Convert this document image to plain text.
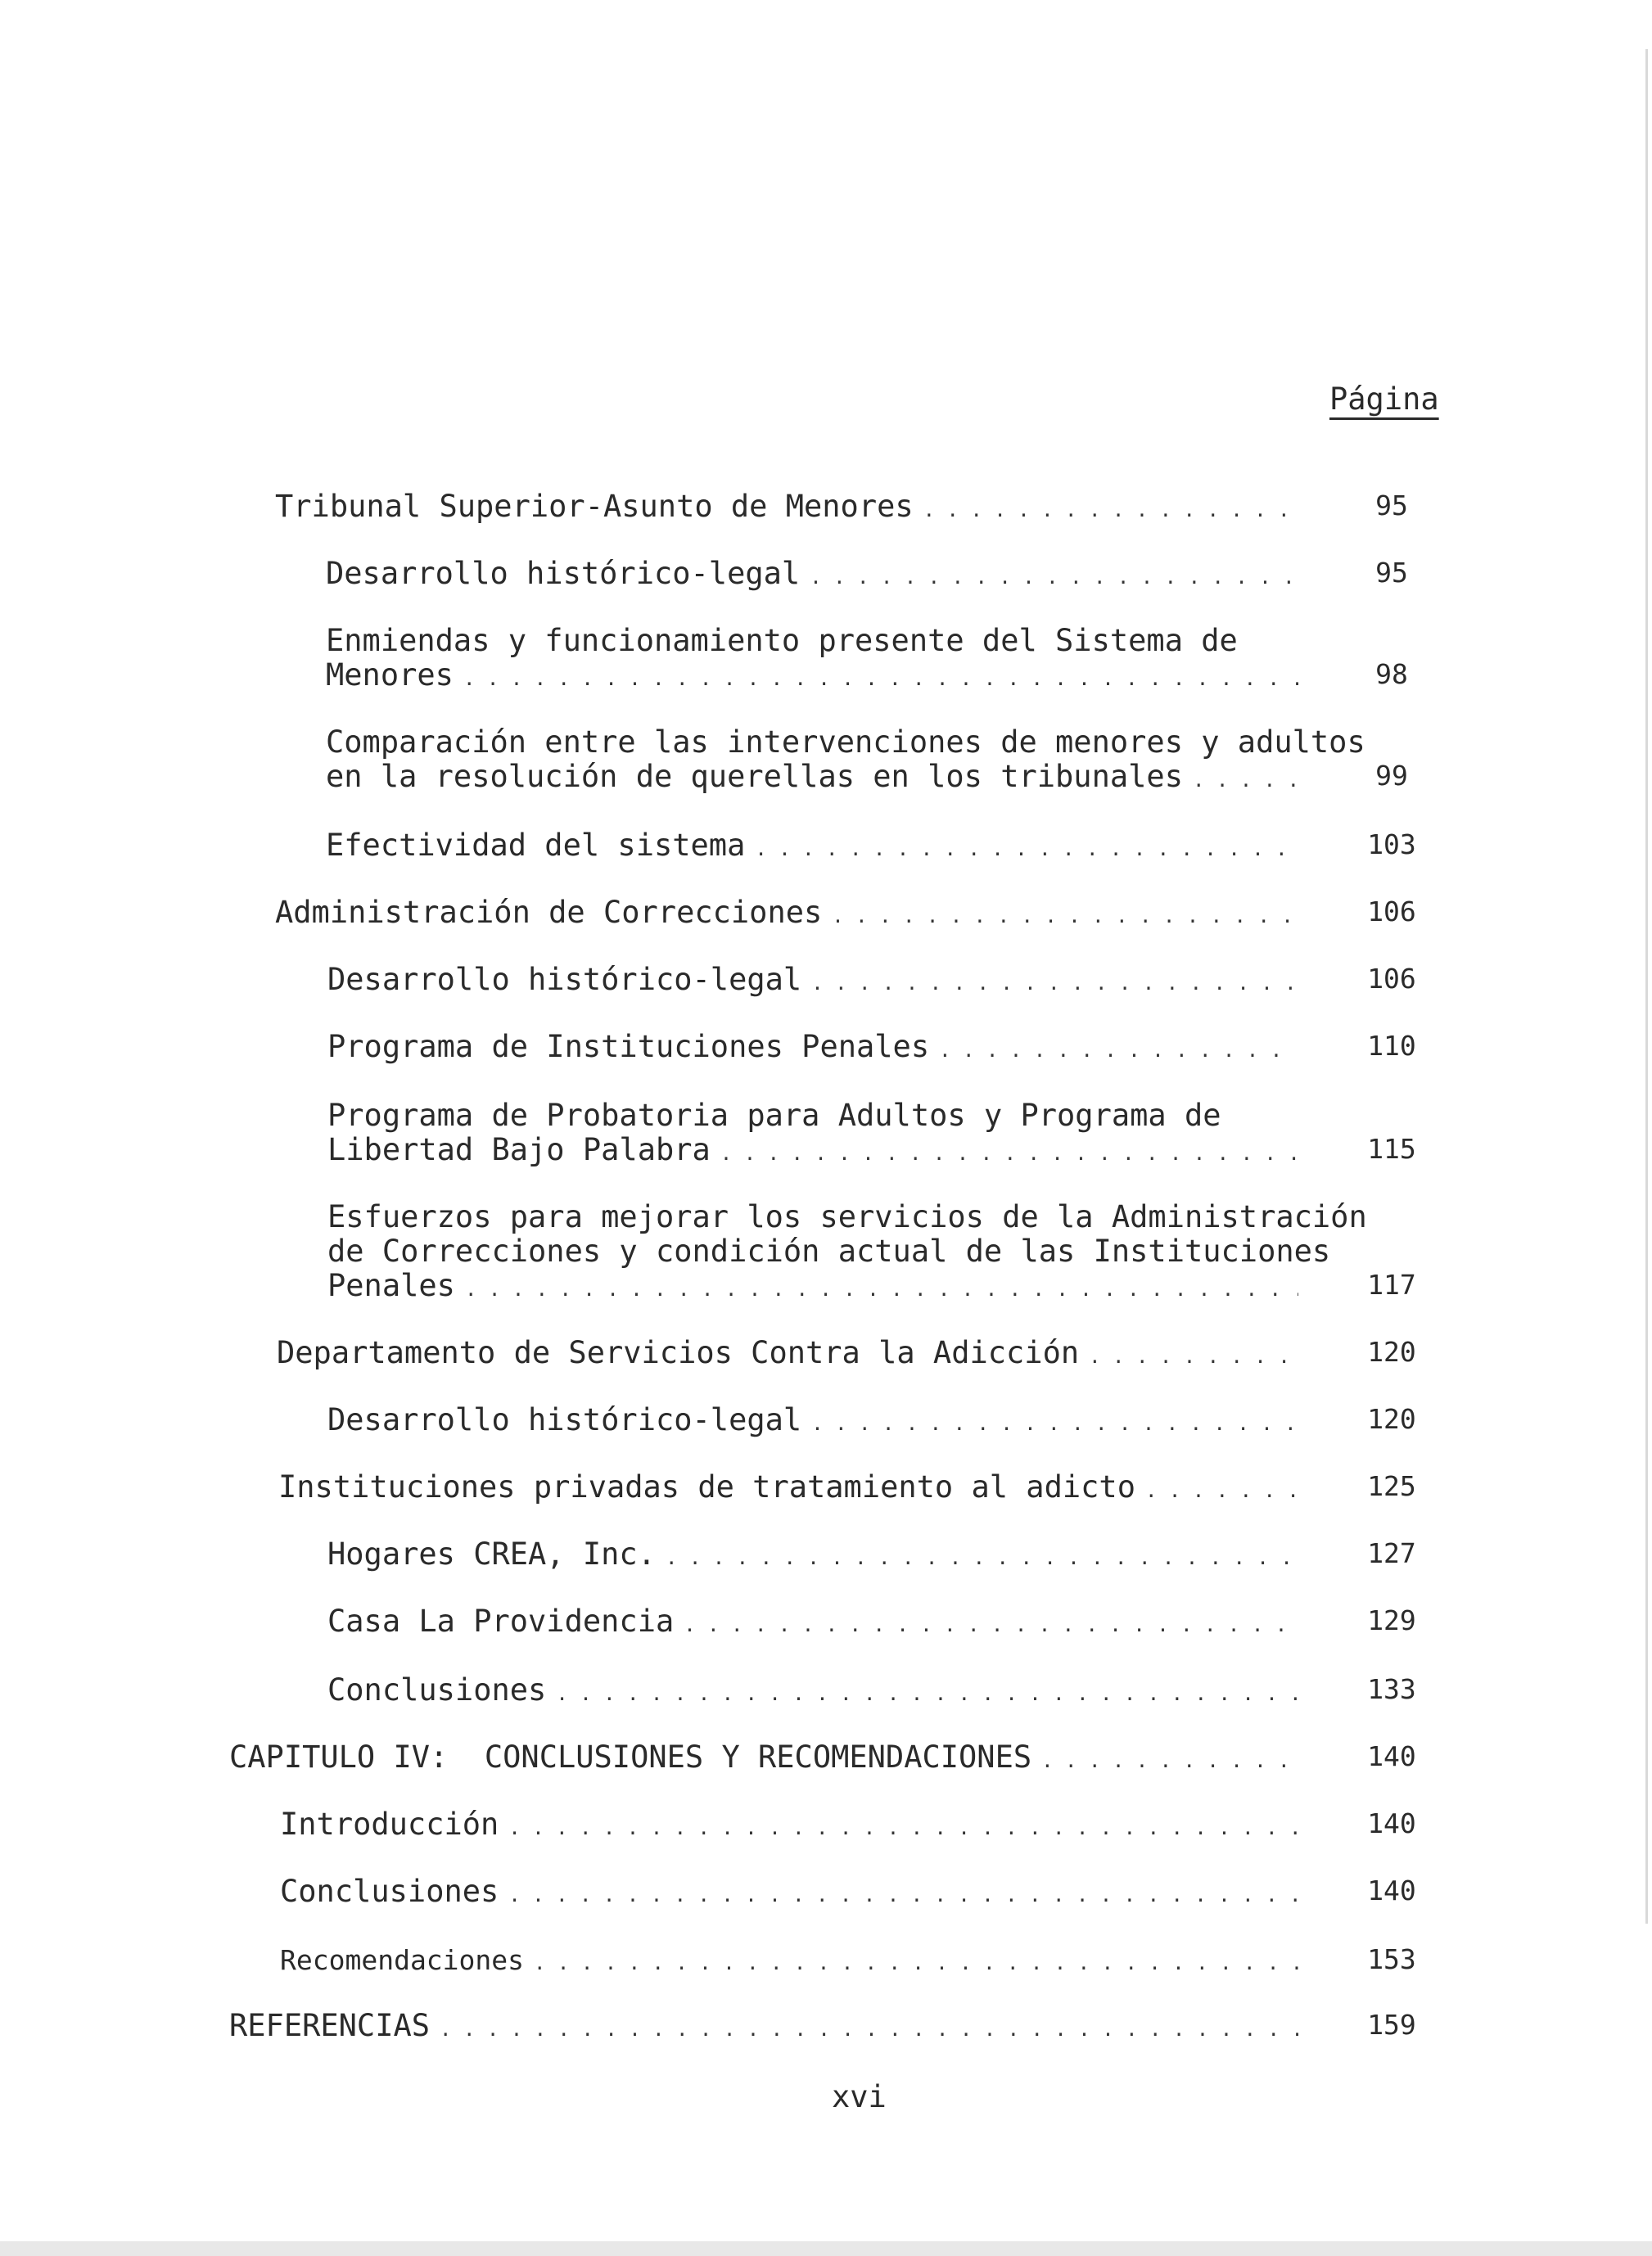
Página
Tribunal Superior-Asunto de Menores . . .	95
Desarrollo histórico-legal . . .	95
Enmiendas y funcionamiento presente del Sistema de
Menores . . .	98
Comparación entre las intervenciones de menores y adultos
en la resolución de querellas en los tribunales . . .	99
Efectividad del sistema . . .	103
Administración de Correcciones . . .	106
Desarrollo histórico-legal . . .	106
Programa de Instituciones Penales . . .	110
Programa de Probatoria para Adultos y Programa de
Libertad Bajo Palabra . . .	115
Esfuerzos para mejorar los servicios de la Administración
de Correcciones y condición actual de las Instituciones
Penales . . .	117
Departamento de Servicios Contra la Adicción . . .	120
Desarrollo histórico-legal . . .	120
Instituciones privadas de tratamiento al adicto . . .	125
Hogares CREA, Inc. . . .	127
Casa La Providencia . . .	129
Conclusiones . . .	133
CAPITULO IV:  CONCLUSIONES Y RECOMENDACIONES . . .	140
Introducción . . .	140
Conclusiones . . .	140
Recomendaciones . . .	153
REFERENCIAS . . .	159
xvi
